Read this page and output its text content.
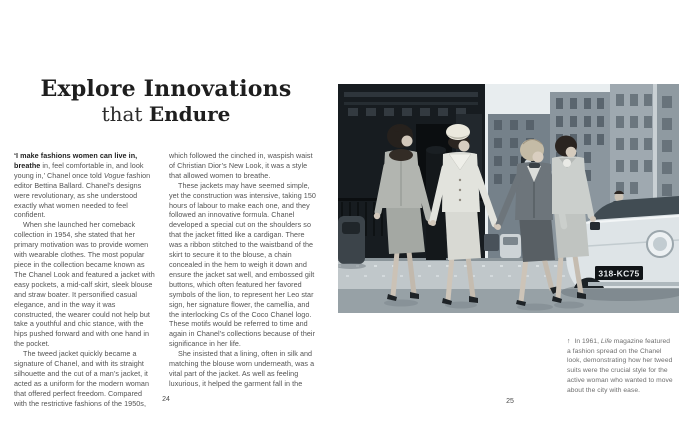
Explore Innovations
that Endure

‘I make fashions women can live in, breathe in, feel comfortable in, and look young in,’ Chanel once told Vogue fashion editor Bettina Ballard. Chanel’s designs were revolutionary, as she understood exactly what women needed to feel confident.

When she launched her comeback collection in 1954, she stated that her primary motivation was to provide women with wearable clothes. The most popular piece in the collection became known as The Chanel Look and featured a jacket with easy pockets, a mid-calf skirt, sleek blouse and straw boater. It personified casual elegance, and in the way it was constructed, the wearer could not help but take a youthful and chic stance, with the hips pushed forward and with one hand in the pocket.

The tweed jacket quickly became a signature of Chanel, and with its straight silhouette and the cut of a man’s jacket, it acted as a uniform for the modern woman that offered perfect freedom. Compared with the restrictive fashions of the 1950s,

which followed the cinched in, waspish waist of Christian Dior’s New Look, it was a style that allowed women to breathe.

These jackets may have seemed simple, yet the construction was intensive, taking 150 hours of labour to make each one, and they followed an innovative formula. Chanel developed a special cut on the shoulders so that the jacket fitted like a cardigan. There was a ribbon stitched to the waistband of the skirt to secure it to the blouse, a chain concealed in the hem to weigh it down and ensure the jacket sat well, and embossed gilt buttons, which often featured her favored symbols of the lion, to represent her Leo star sign, her signature flower, the camellia, and the interlocking Cs of the Coco Chanel logo. These motifs would be referred to time and again in Chanel’s collections because of their significance in her life.

She insisted that a lining, often in silk and matching the blouse worn underneath, was a vital part of the jacket. As well as feeling luxurious, it helped the garment fall in the

24
318-KC75

↑ In 1961, Life magazine featured a fashion spread on the Chanel look, demonstrating how her tweed suits were the crucial style for the active woman who wanted to move about the city with ease.

25
